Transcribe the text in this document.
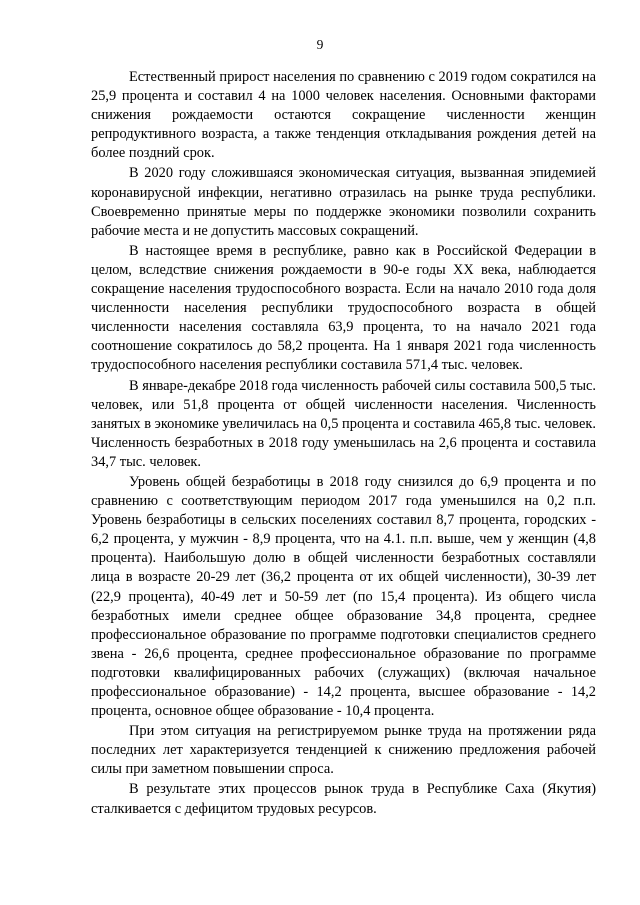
9

Естественный прирост населения по сравнению с 2019 годом сократился на 25,9 процента и составил 4 на 1000 человек населения. Основными факторами снижения рождаемости остаются сокращение численности женщин репродуктивного возраста, а также тенденция откладывания рождения детей на более поздний срок.

В 2020 году сложившаяся экономическая ситуация, вызванная эпидемией коронавирусной инфекции, негативно отразилась на рынке труда республики. Своевременно принятые меры по поддержке экономики позволили сохранить рабочие места и не допустить массовых сокращений.

В настоящее время в республике, равно как в Российской Федерации в целом, вследствие снижения рождаемости в 90-е годы XX века, наблюдается сокращение населения трудоспособного возраста. Если на начало 2010 года доля численности населения республики трудоспособного возраста в общей численности населения составляла 63,9 процента, то на начало 2021 года соотношение сократилось до 58,2 процента. На 1 января 2021 года численность трудоспособного населения республики составила 571,4 тыс. человек.

В январе-декабре 2018 года численность рабочей силы составила 500,5 тыс. человек, или 51,8 процента от общей численности населения. Численность занятых в экономике увеличилась на 0,5 процента и составила 465,8 тыс. человек. Численность безработных в 2018 году уменьшилась на 2,6 процента и составила 34,7 тыс. человек.

Уровень общей безработицы в 2018 году снизился до 6,9 процента и по сравнению с соответствующим периодом 2017 года уменьшился на 0,2 п.п. Уровень безработицы в сельских поселениях составил 8,7 процента, городских - 6,2 процента, у мужчин - 8,9 процента, что на 4.1. п.п. выше, чем у женщин (4,8 процента). Наибольшую долю в общей численности безработных составляли лица в возрасте 20-29 лет (36,2 процента от их общей численности), 30-39 лет (22,9 процента), 40-49 лет и 50-59 лет (по 15,4 процента). Из общего числа безработных имели среднее общее образование 34,8 процента, среднее профессиональное образование по программе подготовки специалистов среднего звена - 26,6 процента, среднее профессиональное образование по программе подготовки квалифицированных рабочих (служащих) (включая начальное профессиональное образование) - 14,2 процента, высшее образование - 14,2 процента, основное общее образование - 10,4 процента.

При этом ситуация на регистрируемом рынке труда на протяжении ряда последних лет характеризуется тенденцией к снижению предложения рабочей силы при заметном повышении спроса.

В результате этих процессов рынок труда в Республике Саха (Якутия) сталкивается с дефицитом трудовых ресурсов.
